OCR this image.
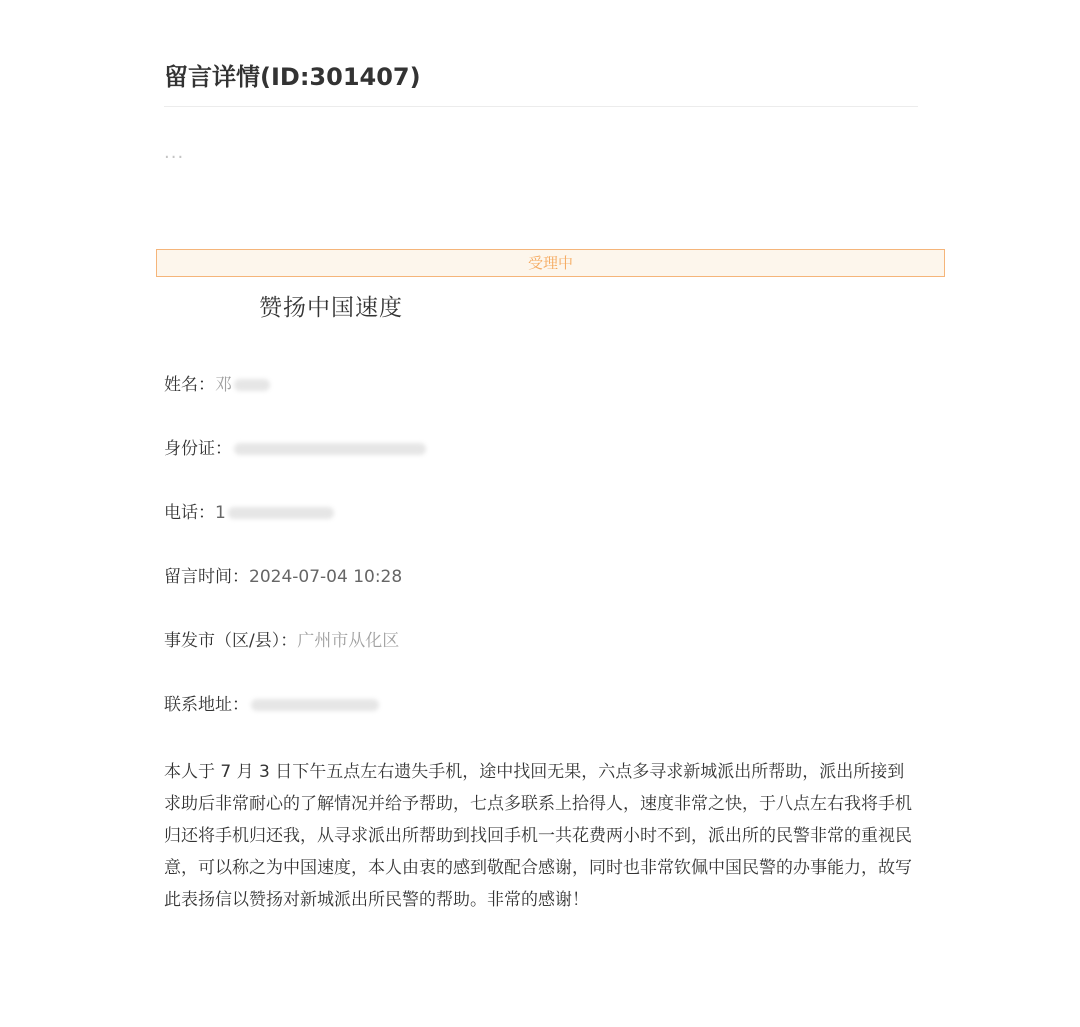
留言详情(ID:301407)
···
受理中
赞扬中国速度
姓名：邓
身份证：
电话：1
留言时间：2024-07-04 10:28
事发市（区/县）：广州市从化区
联系地址：
本人于 7 月 3 日下午五点左右遗失手机，途中找回无果，六点多寻求新城派出所帮助，派出所接到求助后非常耐心的了解情况并给予帮助，七点多联系上拾得人，速度非常之快，于八点左右我将手机归还将手机归还我，从寻求派出所帮助到找回手机一共花费两小时不到，派出所的民警非常的重视民意，可以称之为中国速度，本人由衷的感到敬配合感谢，同时也非常钦佩中国民警的办事能力，故写此表扬信以赞扬对新城派出所民警的帮助。非常的感谢！
